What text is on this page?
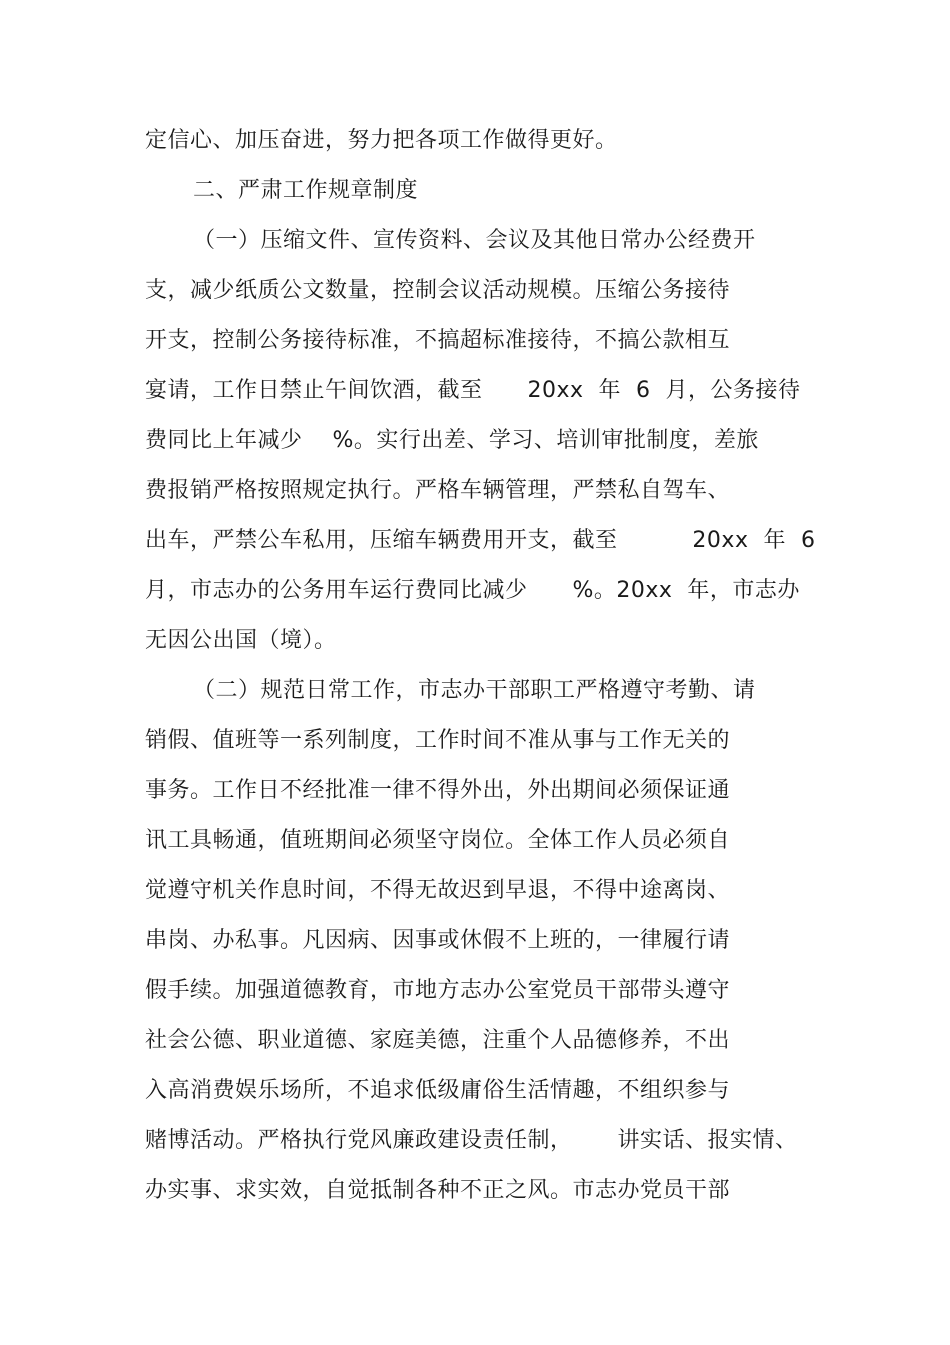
定信心、加压奋进，努力把各项工作做得更好。
二、严肃工作规章制度
（一）压缩文件、宣传资料、会议及其他日常办公经费开
支，减少纸质公文数量，控制会议活动规模。压缩公务接待
开支，控制公务接待标准，不搞超标准接待，不搞公款相互
宴请，工作日禁止午间饮酒，截至      20xx  年  6  月，公务接待
费同比上年减少    %。实行出差、学习、培训审批制度，差旅
费报销严格按照规定执行。严格车辆管理，严禁私自驾车、
出车，严禁公车私用，压缩车辆费用开支，截至          20xx  年  6
月，市志办的公务用车运行费同比减少      %。20xx  年，市志办
无因公出国（境）。
（二）规范日常工作，市志办干部职工严格遵守考勤、请
销假、值班等一系列制度，工作时间不准从事与工作无关的
事务。工作日不经批准一律不得外出，外出期间必须保证通
讯工具畅通，值班期间必须坚守岗位。全体工作人员必须自
觉遵守机关作息时间，不得无故迟到早退，不得中途离岗、
串岗、办私事。凡因病、因事或休假不上班的，一律履行请
假手续。加强道德教育，市地方志办公室党员干部带头遵守
社会公德、职业道德、家庭美德，注重个人品德修养，不出
入高消费娱乐场所，不追求低级庸俗生活情趣，不组织参与
赌博活动。严格执行党风廉政建设责任制，      讲实话、报实情、
办实事、求实效，自觉抵制各种不正之风。市志办党员干部
